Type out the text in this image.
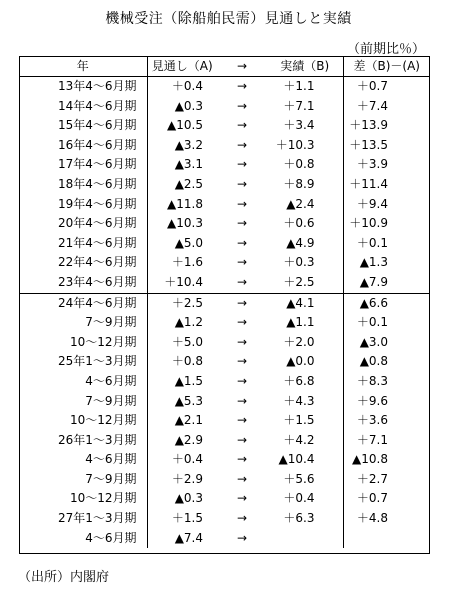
機械受注（除船舶民需）見通しと実績
（前期比％）
年	見通し（A)	→	実績（B)	差（B)－(A)
13年4～6月期	＋0.4	→	＋1.1	＋0.7
14年4～6月期	▲0.3	→	＋7.1	＋7.4
15年4～6月期	▲10.5	→	＋3.4	＋13.9
16年4～6月期	▲3.2	→	＋10.3	＋13.5
17年4～6月期	▲3.1	→	＋0.8	＋3.9
18年4～6月期	▲2.5	→	＋8.9	＋11.4
19年4～6月期	▲11.8	→	▲2.4	＋9.4
20年4～6月期	▲10.3	→	＋0.6	＋10.9
21年4～6月期	▲5.0	→	▲4.9	＋0.1
22年4～6月期	＋1.6	→	＋0.3	▲1.3
23年4～6月期	＋10.4	→	＋2.5	▲7.9
24年4～6月期	＋2.5	→	▲4.1	▲6.6
7～9月期	▲1.2	→	▲1.1	＋0.1
10～12月期	＋5.0	→	＋2.0	▲3.0
25年1～3月期	＋0.8	→	▲0.0	▲0.8
4～6月期	▲1.5	→	＋6.8	＋8.3
7～9月期	▲5.3	→	＋4.3	＋9.6
10～12月期	▲2.1	→	＋1.5	＋3.6
26年1～3月期	▲2.9	→	＋4.2	＋7.1
4～6月期	＋0.4	→	▲10.4	▲10.8
7～9月期	＋2.9	→	＋5.6	＋2.7
10～12月期	▲0.3	→	＋0.4	＋0.7
27年1～3月期	＋1.5	→	＋6.3	＋4.8
4～6月期	▲7.4	→		
（出所）内閣府
